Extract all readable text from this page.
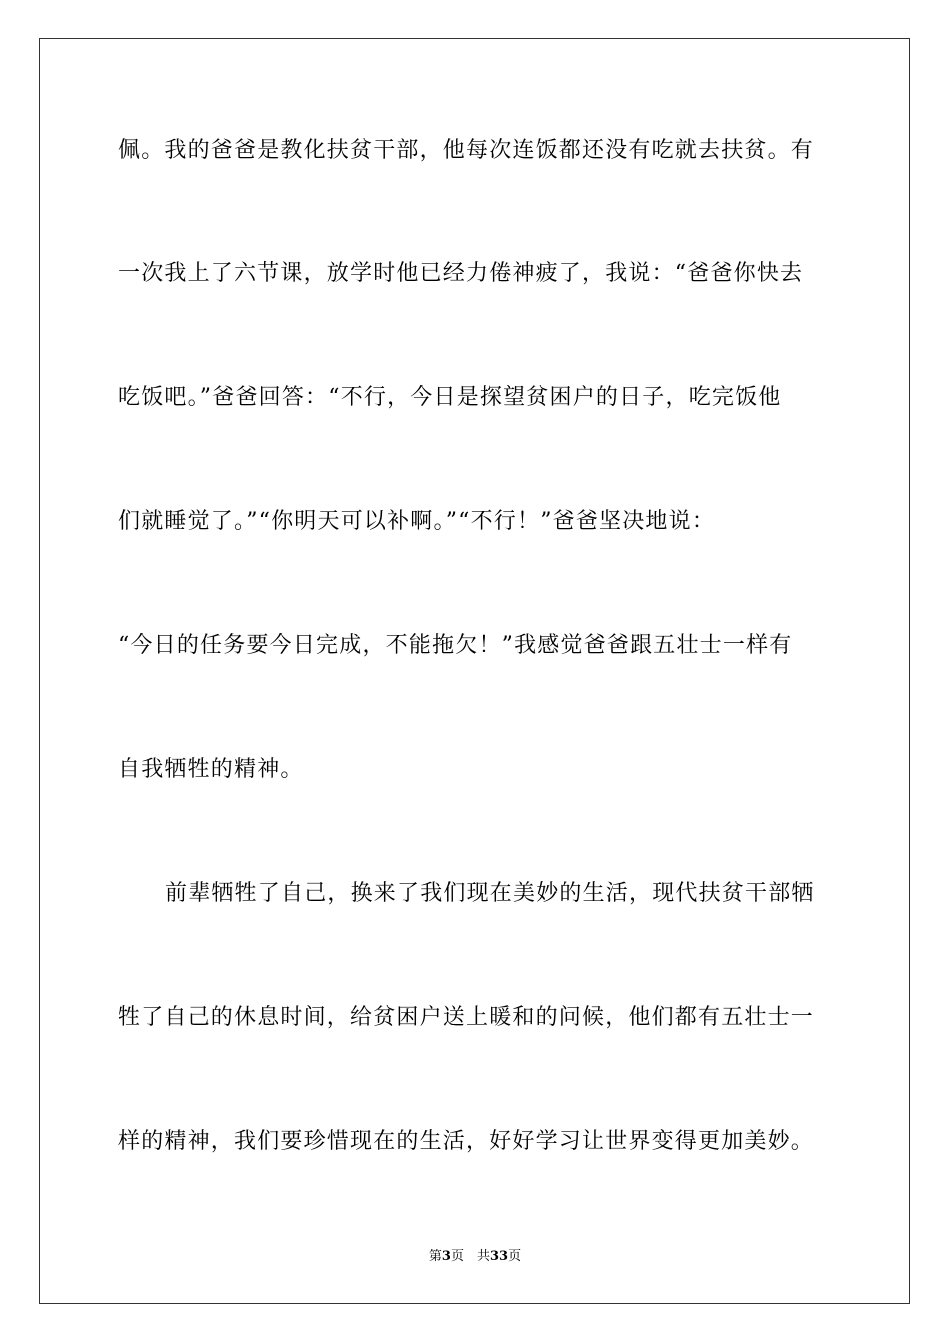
佩。我的爸爸是教化扶贫干部，他每次连饭都还没有吃就去扶贫。有
一次我上了六节课，放学时他已经力倦神疲了，我说：“爸爸你快去
吃饭吧。”爸爸回答：“不行，今日是探望贫困户的日子，吃完饭他
们就睡觉了。”“你明天可以补啊。”“不行！”爸爸坚决地说：
“今日的任务要今日完成，不能拖欠！”我感觉爸爸跟五壮士一样有
自我牺牲的精神。
前辈牺牲了自己，换来了我们现在美妙的生活，现代扶贫干部牺
牲了自己的休息时间，给贫困户送上暖和的问候，他们都有五壮士一
样的精神，我们要珍惜现在的生活，好好学习让世界变得更加美妙。
第3页　共33页
